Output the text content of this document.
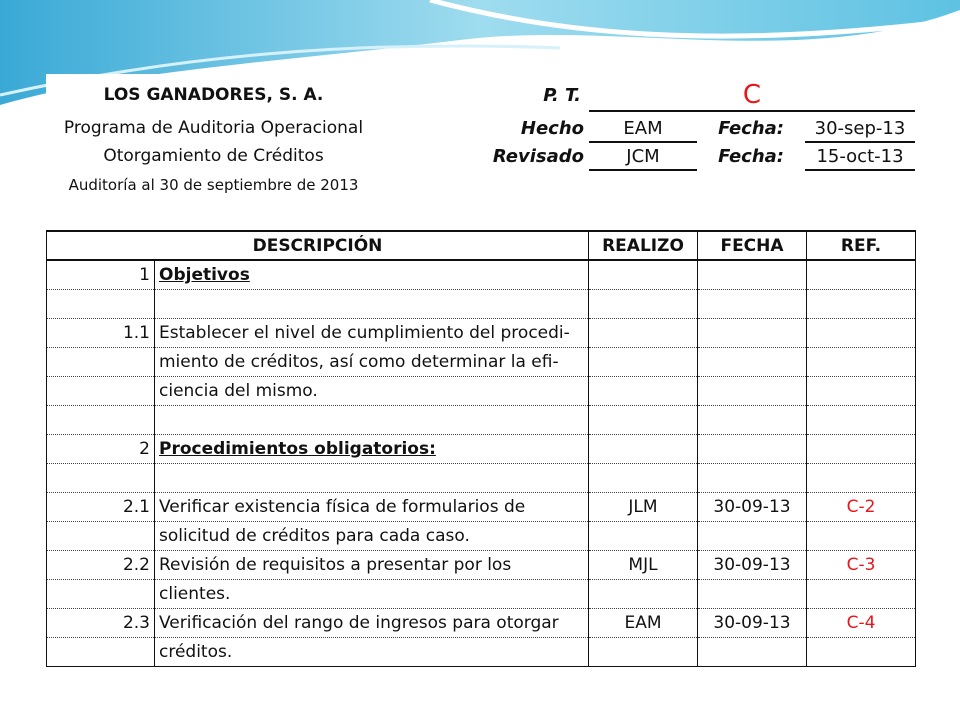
LOS GANADORES, S. A.
Programa de Auditoria Operacional
Otorgamiento de Créditos
Auditoría al 30 de septiembre de 2013
P. T.	C
Hecho	EAM	Fecha:	30-sep-13
Revisado	JCM	Fecha:	15-oct-13
DESCRIPCIÓN		REALIZO	FECHA	REF.
1	Objetivos			

1.1	Establecer el nivel de cumplimiento del procedi-			
	miento de créditos, así como determinar la efi-			
	ciencia del mismo.			

2	Procedimientos obligatorios:			

2.1	Verificar existencia física de formularios de	JLM	30-09-13	C-2
	solicitud de créditos para cada caso.			
2.2	Revisión de requisitos a presentar por los	MJL	30-09-13	C-3
	clientes.			
2.3	Verificación del rango de ingresos para otorgar	EAM	30-09-13	C-4
	créditos.			
